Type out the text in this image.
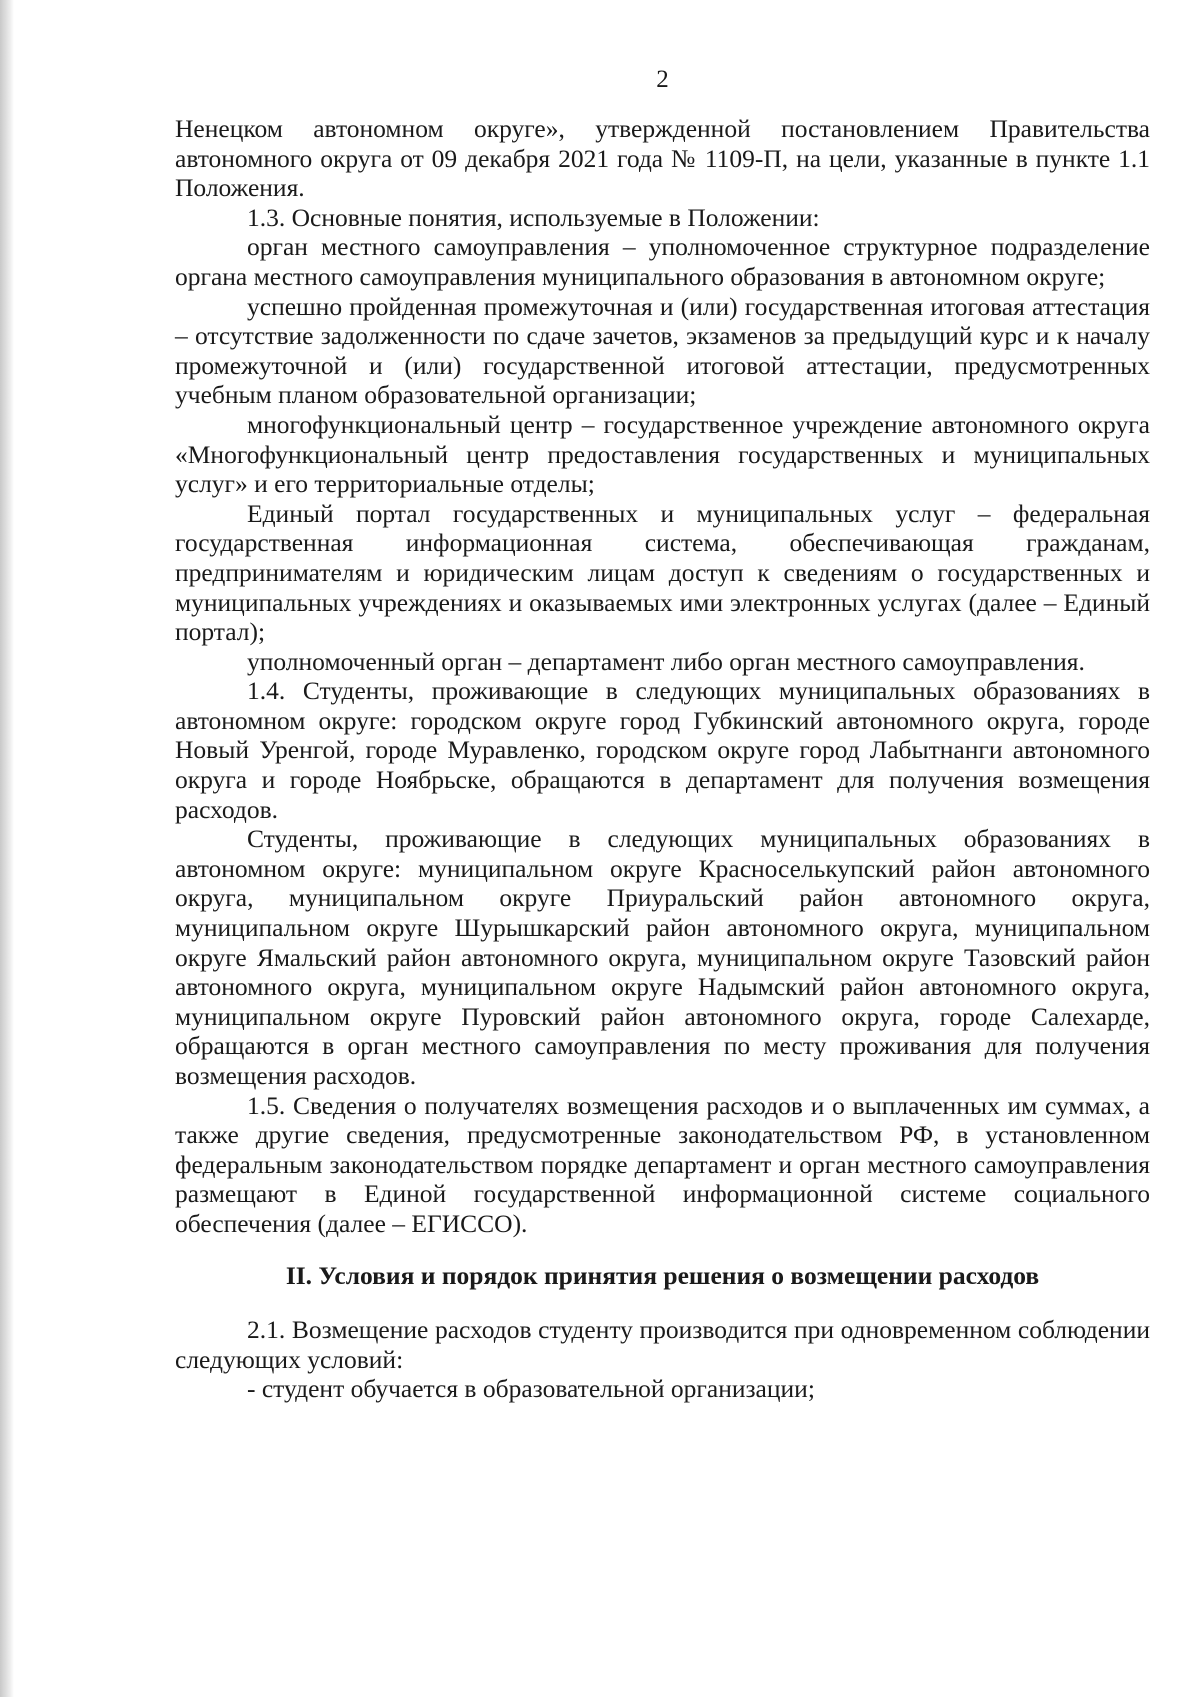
2

Ненецком автономном округе», утвержденной постановлением Правительства автономного округа от 09 декабря 2021 года № 1109-П, на цели, указанные в пункте 1.1 Положения.

1.3. Основные понятия, используемые в Положении:

орган местного самоуправления – уполномоченное структурное подразделение органа местного самоуправления муниципального образования в автономном округе;

успешно пройденная промежуточная и (или) государственная итоговая аттестация – отсутствие задолженности по сдаче зачетов, экзаменов за предыдущий курс и к началу промежуточной и (или) государственной итоговой аттестации, предусмотренных учебным планом образовательной организации;

многофункциональный центр – государственное учреждение автономного округа «Многофункциональный центр предоставления государственных и муниципальных услуг» и его территориальные отделы;

Единый портал государственных и муниципальных услуг – федеральная государственная информационная система, обеспечивающая гражданам, предпринимателям и юридическим лицам доступ к сведениям о государственных и муниципальных учреждениях и оказываемых ими электронных услугах (далее – Единый портал);

уполномоченный орган – департамент либо орган местного самоуправления.

1.4. Студенты, проживающие в следующих муниципальных образованиях в автономном округе: городском округе город Губкинский автономного округа, городе Новый Уренгой, городе Муравленко, городском округе город Лабытнанги автономного округа и городе Ноябрьске, обращаются в департамент для получения возмещения расходов.

Студенты, проживающие в следующих муниципальных образованиях в автономном округе: муниципальном округе Красноселькупский район автономного округа, муниципальном округе Приуральский район автономного округа, муниципальном округе Шурышкарский район автономного округа, муниципальном округе Ямальский район автономного округа, муниципальном округе Тазовский район автономного округа, муниципальном округе Надымский район автономного округа, муниципальном округе Пуровский район автономного округа, городе Салехарде, обращаются в орган местного самоуправления по месту проживания для получения возмещения расходов.

1.5. Сведения о получателях возмещения расходов и о выплаченных им суммах, а также другие сведения, предусмотренные законодательством РФ, в установленном федеральным законодательством порядке департамент и орган местного самоуправления размещают в Единой государственной информационной системе социального обеспечения (далее – ЕГИССО).

II. Условия и порядок принятия решения о возмещении расходов

2.1. Возмещение расходов студенту производится при одновременном соблюдении следующих условий:

- студент обучается в образовательной организации;
